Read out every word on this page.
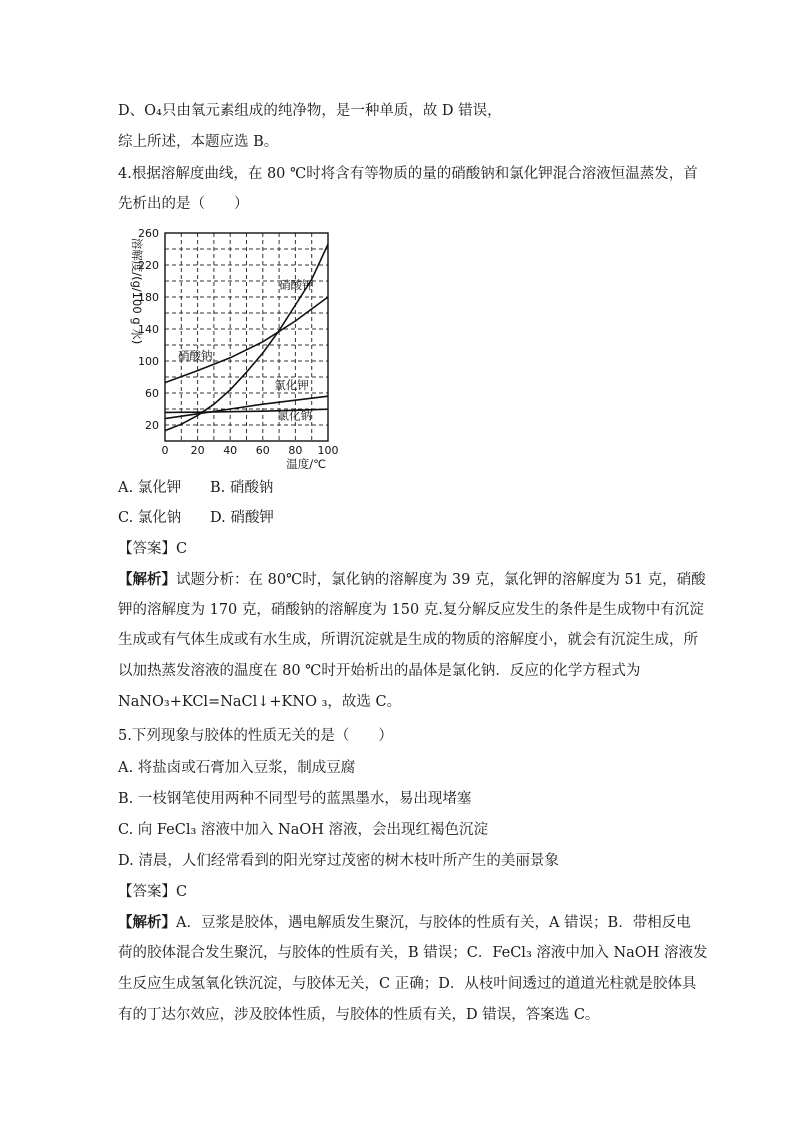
D、O₄只由氧元素组成的纯净物，是一种单质，故 D 错误，
综上所述，本题应选 B。
4.根据溶解度曲线，在 80 ℃时将含有等物质的量的硝酸钠和氯化钾混合溶液恒温蒸发，首
先析出的是（　　）
20
60
100
140
180
220
260
0 20 40 60 80 100
温度/℃
溶解度/(g/100 g 水)	硝酸钾
硝酸钠
氯化钾
氯化钠
A. 氯化钾 B. 硝酸钠
C. 氯化钠 D. 硝酸钾
【答案】C
【解析】试题分析：在 80℃时，氯化钠的溶解度为 39 克，氯化钾的溶解度为 51 克，硝酸
钾的溶解度为 170 克，硝酸钠的溶解度为 150 克.复分解反应发生的条件是生成物中有沉淀
生成或有气体生成或有水生成，所谓沉淀就是生成的物质的溶解度小，就会有沉淀生成，所
以加热蒸发溶液的温度在 80 ℃时开始析出的晶体是氯化钠．反应的化学方程式为
NaNO₃+KCl=NaCl↓+KNO ₃，故选 C。
5.下列现象与胶体的性质无关的是（　　）
A. 将盐卤或石膏加入豆浆，制成豆腐
B. 一枝钢笔使用两种不同型号的蓝黑墨水，易出现堵塞
C. 向 FeCl₃ 溶液中加入 NaOH 溶液，会出现红褐色沉淀
D. 清晨，人们经常看到的阳光穿过茂密的树木枝叶所产生的美丽景象
【答案】C
【解析】A．豆浆是胶体，遇电解质发生聚沉，与胶体的性质有关，A 错误；B．带相反电
荷的胶体混合发生聚沉，与胶体的性质有关，B 错误；C．FeCl₃ 溶液中加入 NaOH 溶液发
生反应生成氢氧化铁沉淀，与胶体无关，C 正确；D．从枝叶间透过的道道光柱就是胶体具
有的丁达尔效应，涉及胶体性质，与胶体的性质有关，D 错误，答案选 C。
